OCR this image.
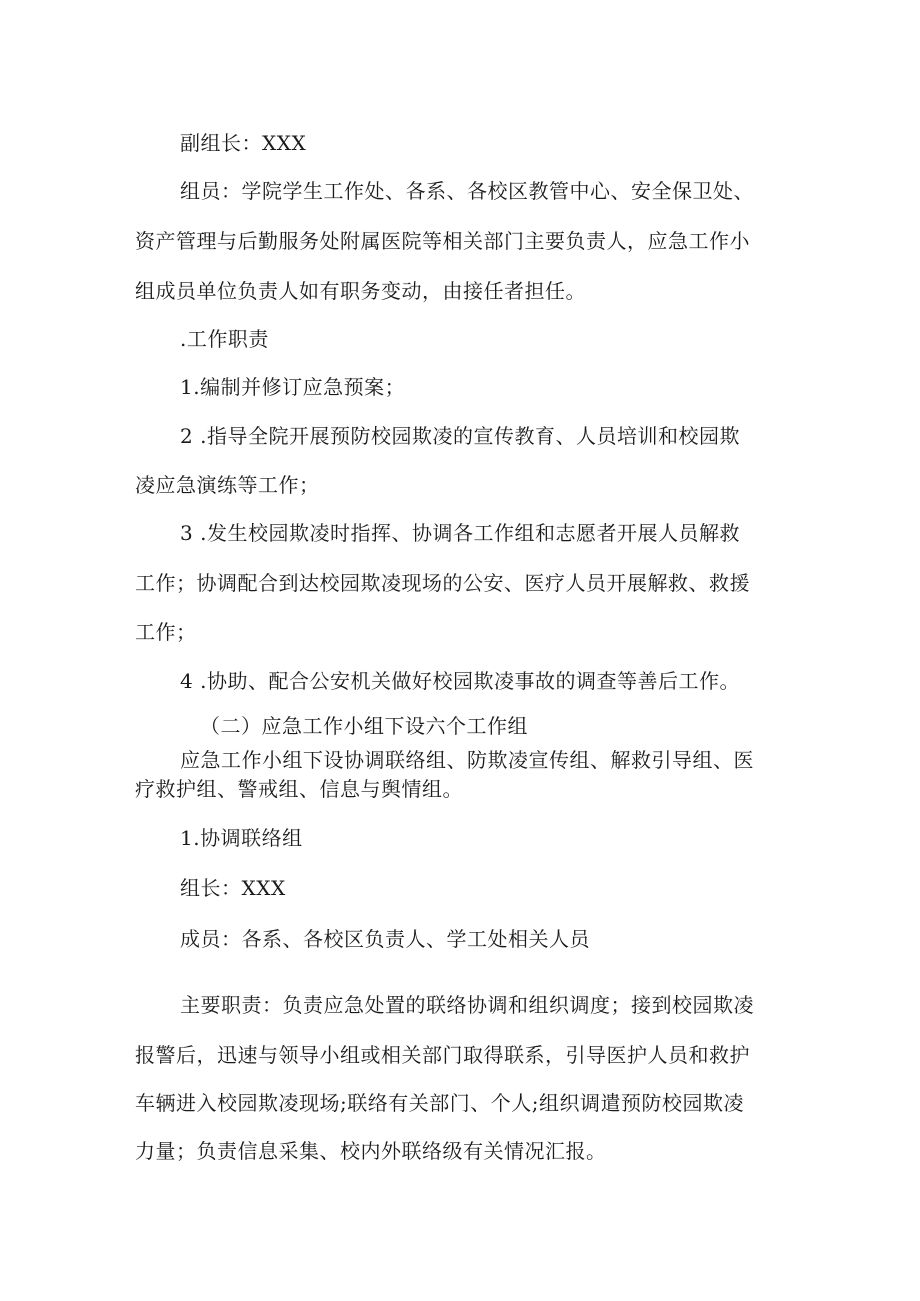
副组长：XXX
组员：学院学生工作处、各系、各校区教管中心、安全保卫处、
资产管理与后勤服务处附属医院等相关部门主要负责人，应急工作小
组成员单位负责人如有职务变动，由接任者担任。
.工作职责
1.编制并修订应急预案；
2 .指导全院开展预防校园欺凌的宣传教育、人员培训和校园欺
凌应急演练等工作；
3 .发生校园欺凌时指挥、协调各工作组和志愿者开展人员解救
工作；协调配合到达校园欺凌现场的公安、医疗人员开展解救、救援
工作；
4 .协助、配合公安机关做好校园欺凌事故的调查等善后工作。
（二）应急工作小组下设六个工作组
应急工作小组下设协调联络组、防欺凌宣传组、解救引导组、医
疗救护组、警戒组、信息与舆情组。
1.协调联络组
组长：XXX
成员：各系、各校区负责人、学工处相关人员
主要职责：负责应急处置的联络协调和组织调度；接到校园欺凌
报警后，迅速与领导小组或相关部门取得联系，引导医护人员和救护
车辆进入校园欺凌现场;联络有关部门、个人;组织调遣预防校园欺凌
力量；负责信息采集、校内外联络级有关情况汇报。
